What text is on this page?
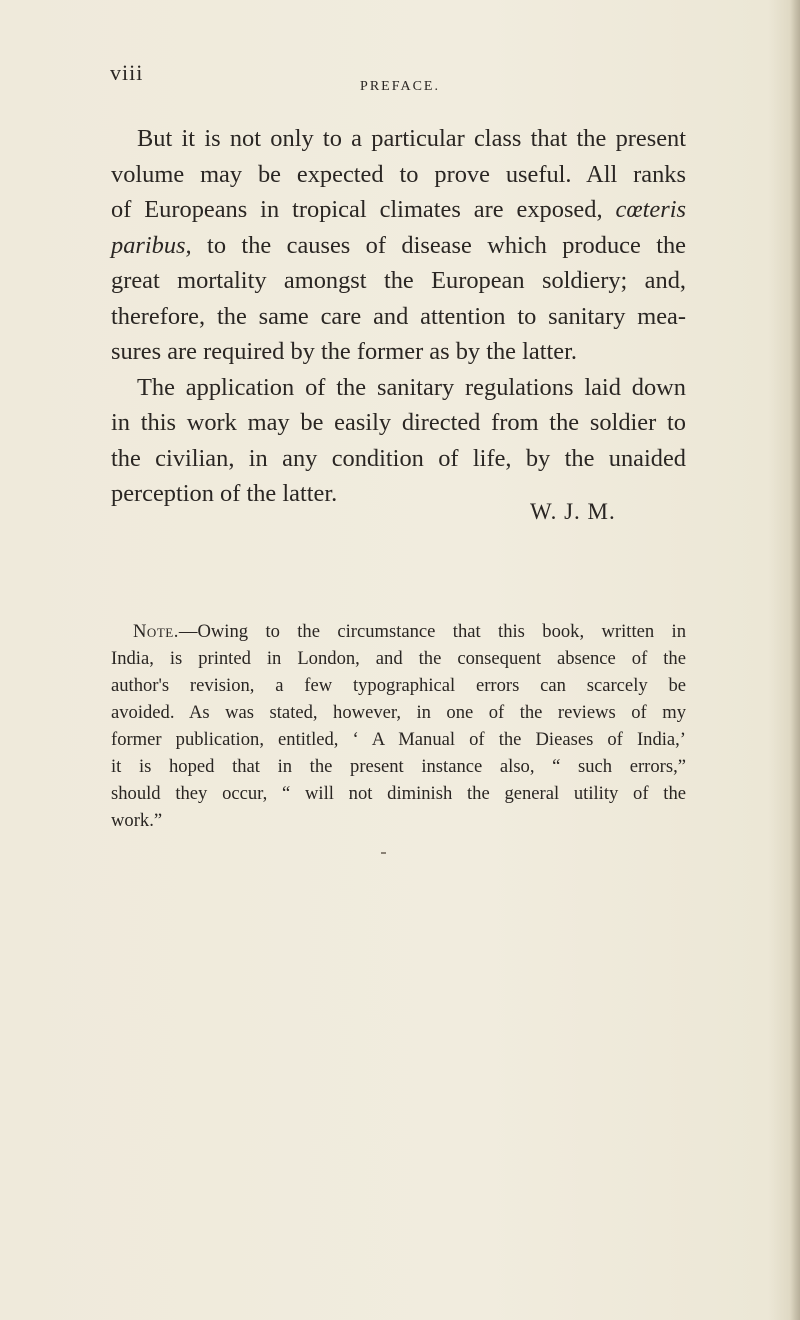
viii
PREFACE.
But it is not only to a particular class that the present
volume may be expected to prove useful. All ranks
of Europeans in tropical climates are exposed, cœteris
paribus, to the causes of disease which produce the
great mortality amongst the European soldiery; and,
therefore, the same care and attention to sanitary mea-
sures are required by the former as by the latter.
The application of the sanitary regulations laid down
in this work may be easily directed from the soldier to
the civilian, in any condition of life, by the unaided
perception of the latter.
W. J. M.
Note.—Owing to the circumstance that this book, written in
India, is printed in London, and the consequent absence of the
author's revision, a few typographical errors can scarcely be
avoided. As was stated, however, in one of the reviews of my
former publication, entitled, ‘ A Manual of the Dieases of India,’
it is hoped that in the present instance also, “ such errors,”
should they occur, “ will not diminish the general utility of the
work.”
